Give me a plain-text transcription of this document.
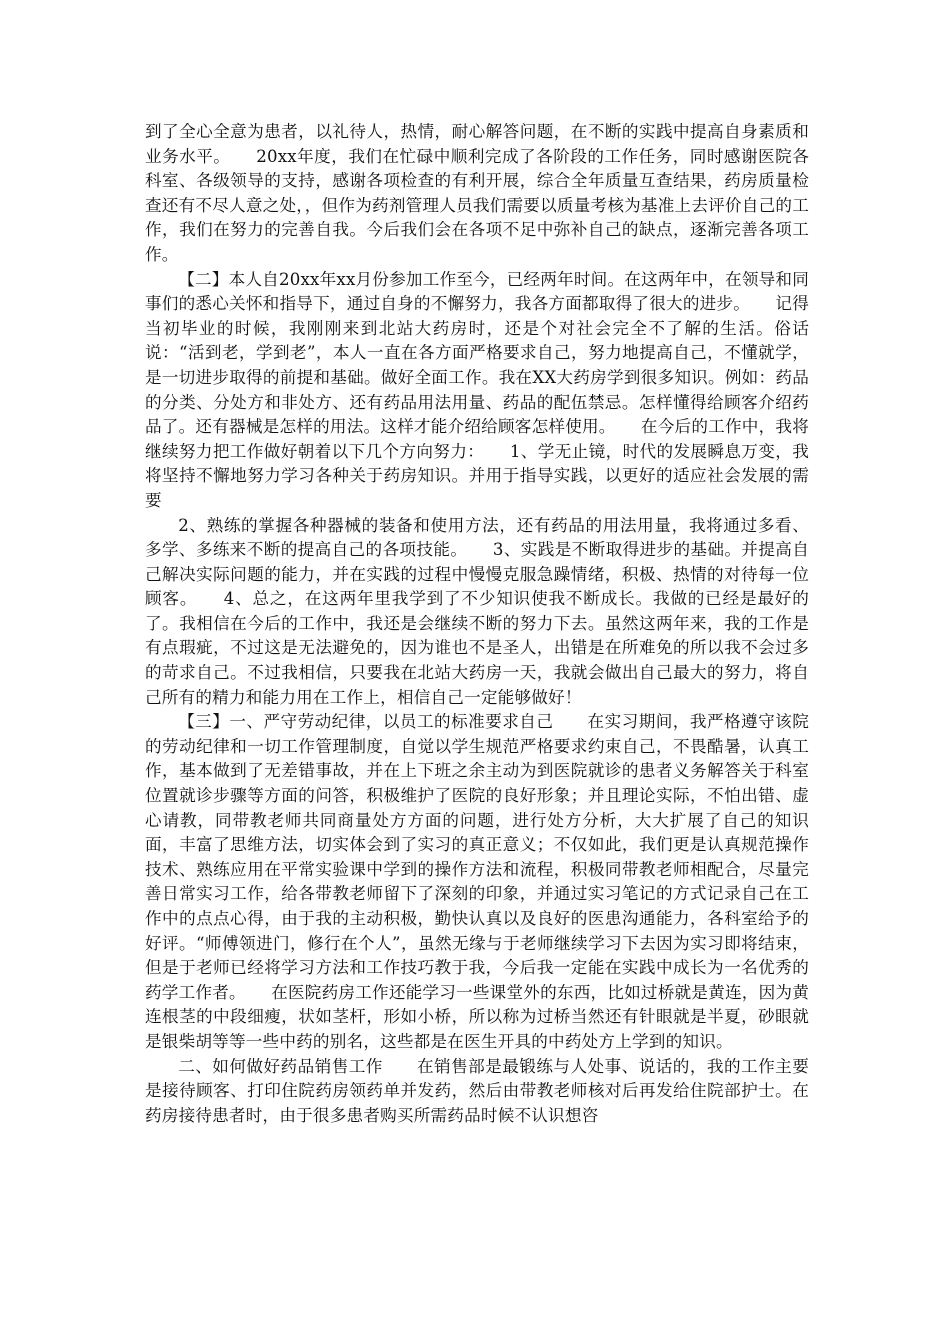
到了全心全意为患者，以礼待人，热情，耐心解答问题，在不断的实践中提高自身素质和业务水平。　　20xx年度，我们在忙碌中顺利完成了各阶段的工作任务，同时感谢医院各科室、各级领导的支持，感谢各项检查的有利开展，综合全年质量互查结果，药房质量检查还有不尽人意之处，，但作为药剂管理人员我们需要以质量考核为基准上去评价自己的工作，我们在努力的完善自我。今后我们会在各项不足中弥补自己的缺点，逐渐完善各项工作。

【二】本人自20xx年xx月份参加工作至今，已经两年时间。在这两年中，在领导和同事们的悉心关怀和指导下，通过自身的不懈努力，我各方面都取得了很大的进步。　　记得当初毕业的时候，我刚刚来到北站大药房时，还是个对社会完全不了解的生活。俗话说：“活到老，学到老”，本人一直在各方面严格要求自己，努力地提高自己，不懂就学，是一切进步取得的前提和基础。做好全面工作。我在XX大药房学到很多知识。例如：药品的分类、分处方和非处方、还有药品用法用量、药品的配伍禁忌。怎样懂得给顾客介绍药品了。还有器械是怎样的用法。这样才能介绍给顾客怎样使用。　　在今后的工作中，我将继续努力把工作做好朝着以下几个方向努力：　　1、学无止镜，时代的发展瞬息万变，我将坚持不懈地努力学习各种关于药房知识。并用于指导实践，以更好的适应社会发展的需要

2、熟练的掌握各种器械的装备和使用方法，还有药品的用法用量，我将通过多看、多学、多练来不断的提高自己的各项技能。　　3、实践是不断取得进步的基础。并提高自己解决实际问题的能力，并在实践的过程中慢慢克服急躁情绪，积极、热情的对待每一位顾客。　　4、总之，在这两年里我学到了不少知识使我不断成长。我做的已经是最好的了。我相信在今后的工作中，我还是会继续不断的努力下去。虽然这两年来，我的工作是有点瑕疵，不过这是无法避免的，因为谁也不是圣人，出错是在所难免的所以我不会过多的苛求自己。不过我相信，只要我在北站大药房一天，我就会做出自己最大的努力，将自己所有的精力和能力用在工作上，相信自己一定能够做好！

【三】一、严守劳动纪律，以员工的标准要求自己　　在实习期间，我严格遵守该院的劳动纪律和一切工作管理制度，自觉以学生规范严格要求约束自己，不畏酷暑，认真工作，基本做到了无差错事故，并在上下班之余主动为到医院就诊的患者义务解答关于科室位置就诊步骤等方面的问答，积极维护了医院的良好形象；并且理论实际，不怕出错、虚心请教，同带教老师共同商量处方方面的问题，进行处方分析，大大扩展了自己的知识面，丰富了思维方法，切实体会到了实习的真正意义；不仅如此，我们更是认真规范操作技术、熟练应用在平常实验课中学到的操作方法和流程，积极同带教老师相配合，尽量完善日常实习工作，给各带教老师留下了深刻的印象，并通过实习笔记的方式记录自己在工作中的点点心得，由于我的主动积极，勤快认真以及良好的医患沟通能力，各科室给予的好评。“师傅领进门，修行在个人”，虽然无缘与于老师继续学习下去因为实习即将结束，但是于老师已经将学习方法和工作技巧教于我，今后我一定能在实践中成长为一名优秀的药学工作者。　　在医院药房工作还能学习一些课堂外的东西，比如过桥就是黄连，因为黄连根茎的中段细瘦，状如茎杆，形如小桥，所以称为过桥当然还有针眼就是半夏，砂眼就是银柴胡等等一些中药的别名，这些都是在医生开具的中药处方上学到的知识。

二、如何做好药品销售工作　　在销售部是最锻练与人处事、说话的，我的工作主要是接待顾客、打印住院药房领药单并发药，然后由带教老师核对后再发给住院部护士。在药房接待患者时，由于很多患者购买所需药品时候不认识想咨
